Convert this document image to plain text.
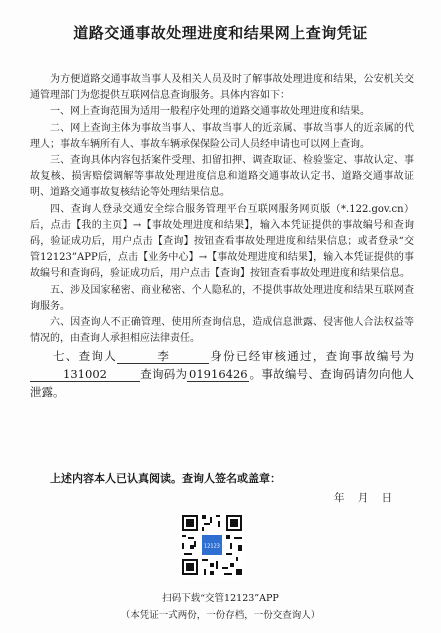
道路交通事故处理进度和结果网上查询凭证

为方便道路交通事故当事人及相关人员及时了解事故处理进度和结果，公安机关交通管理部门为您提供互联网信息查询服务。具体内容如下：

一、网上查询范围为适用一般程序处理的道路交通事故处理进度和结果。

二、网上查询主体为事故当事人、事故当事人的近亲属、事故当事人的近亲属的代理人；事故车辆所有人、事故车辆承保保险公司人员经申请也可以网上查询。

三、查询具体内容包括案件受理、扣留扣押、调查取证、检验鉴定、事故认定、事故复核、损害赔偿调解等事故处理进度信息和道路交通事故认定书、道路交通事故证明、道路交通事故复核结论等处理结果信息。

四、查询人登录交通安全综合服务管理平台互联网服务网页版（*.122.gov.cn）后，点击【我的主页】→【事故处理进度和结果】，输入本凭证提供的事故编号和查询码，验证成功后，用户点击【查询】按钮查看事故处理进度和结果信息；或者登录“交管12123”APP后，点击【业务中心】→【事故处理进度和结果】，输入本凭证提供的事故编号和查询码，验证成功后，用户点击【查询】按钮查看事故处理进度和结果信息。

五、涉及国家秘密、商业秘密、个人隐私的，不提供事故处理进度和结果互联网查询服务。

六、因查询人不正确管理、使用所查询信息，造成信息泄露、侵害他人合法权益等情况的，由查询人承担相应法律责任。

七、查询人	李	身份已经审核通过，查询事故编号为131002	查询码为 01916426 。事故编号、查询码请勿向他人泄露。

上述内容本人已认真阅读。查询人签名或盖章：
年 月 日
12123
扫码下载“交管12123”APP
（本凭证一式两份，一份存档，一份交查询人）
